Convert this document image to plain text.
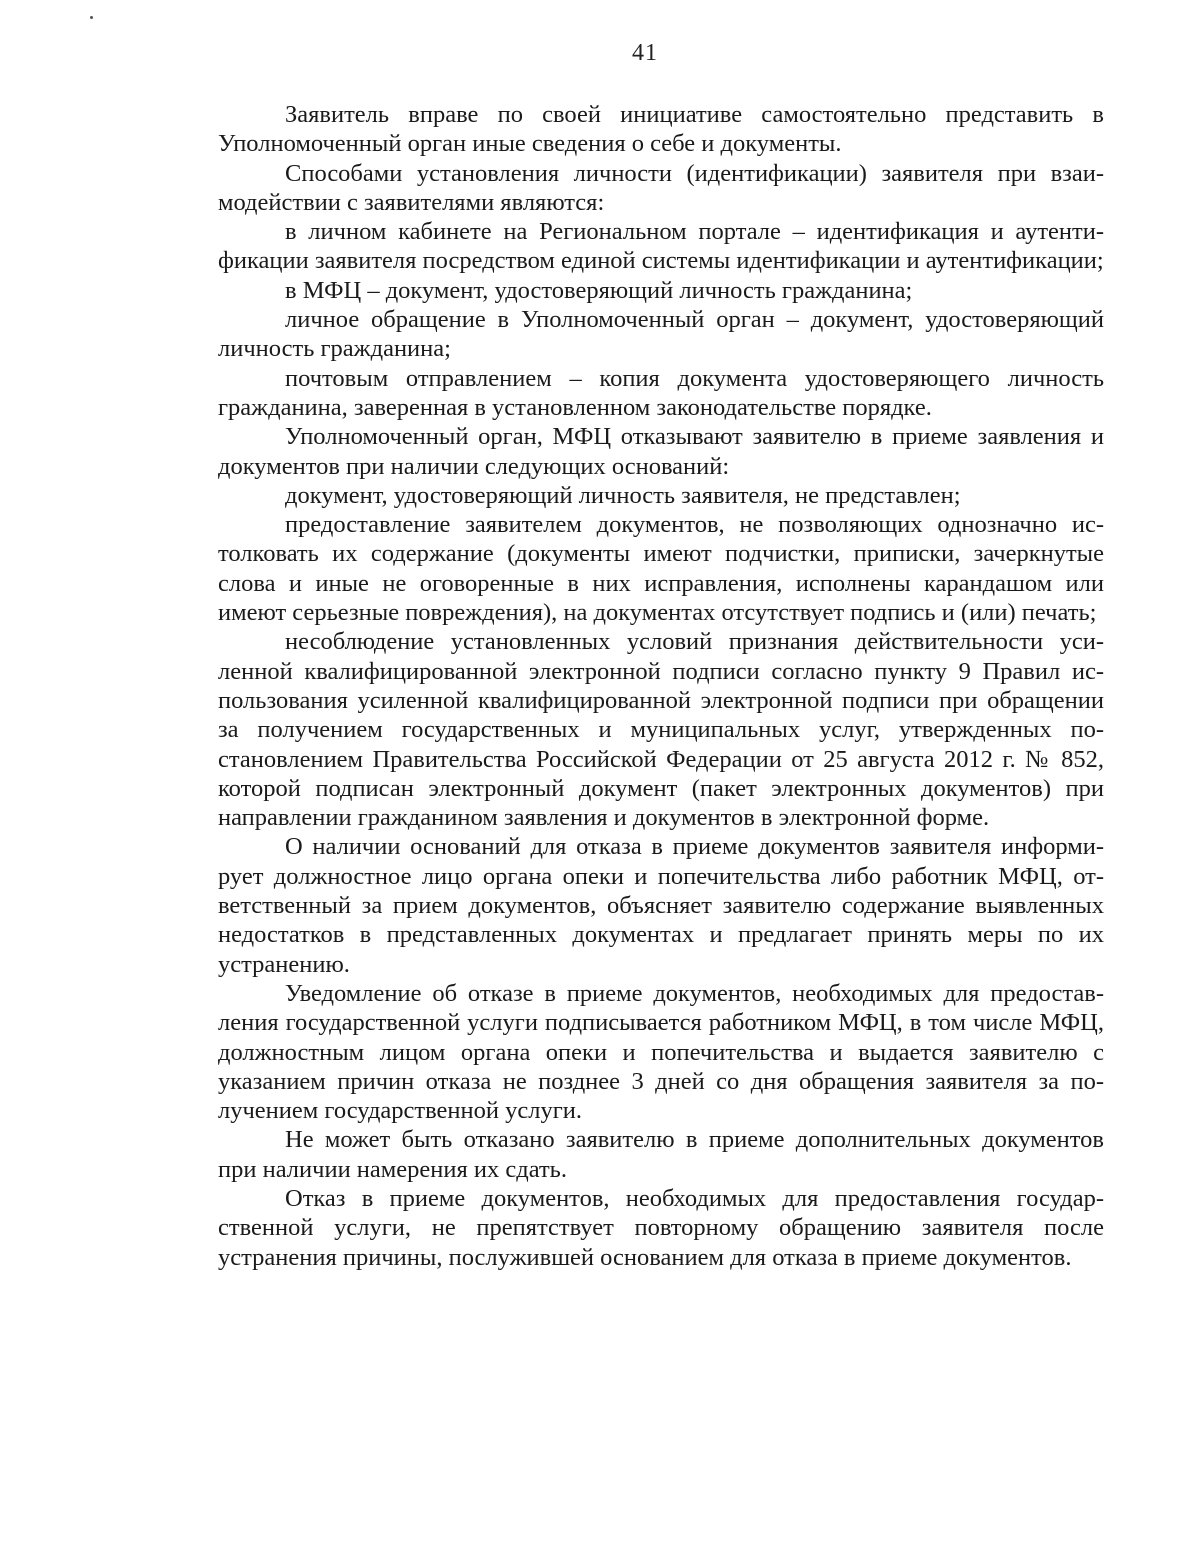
41

Заявитель вправе по своей инициативе самостоятельно представить в Уполномоченный орган иные сведения о себе и документы.

Способами установления личности (идентификации) заявителя при взаимодействии с заявителями являются:

в личном кабинете на Региональном портале – идентификация и аутентификации заявителя посредством единой системы идентификации и аутентификации;

в МФЦ – документ, удостоверяющий личность гражданина;

личное обращение в Уполномоченный орган – документ, удостоверяющий личность гражданина;

почтовым отправлением – копия документа удостоверяющего личность гражданина, заверенная в установленном законодательстве порядке.

Уполномоченный орган, МФЦ отказывают заявителю в приеме заявления и документов при наличии следующих оснований:

документ, удостоверяющий личность заявителя, не представлен;

предоставление заявителем документов, не позволяющих однозначно истолковать их содержание (документы имеют подчистки, приписки, зачеркнутые слова и иные не оговоренные в них исправления, исполнены карандашом или имеют серьезные повреждения), на документах отсутствует подпись и (или) печать;

несоблюдение установленных условий признания действительности усиленной квалифицированной электронной подписи согласно пункту 9 Правил использования усиленной квалифицированной электронной подписи при обращении за получением государственных и муниципальных услуг, утвержденных постановлением Правительства Российской Федерации от 25 августа 2012 г. № 852, которой подписан электронный документ (пакет электронных документов) при направлении гражданином заявления и документов в электронной форме.

О наличии оснований для отказа в приеме документов заявителя информирует должностное лицо органа опеки и попечительства либо работник МФЦ, ответственный за прием документов, объясняет заявителю содержание выявленных недостатков в представленных документах и предлагает принять меры по их устранению.

Уведомление об отказе в приеме документов, необходимых для предоставления государственной услуги подписывается работником МФЦ, в том числе МФЦ, должностным лицом органа опеки и попечительства и выдается заявителю с указанием причин отказа не позднее 3 дней со дня обращения заявителя за получением государственной услуги.

Не может быть отказано заявителю в приеме дополнительных документов при наличии намерения их сдать.

Отказ в приеме документов, необходимых для предоставления государственной услуги, не препятствует повторному обращению заявителя после устранения причины, послужившей основанием для отказа в приеме документов.
